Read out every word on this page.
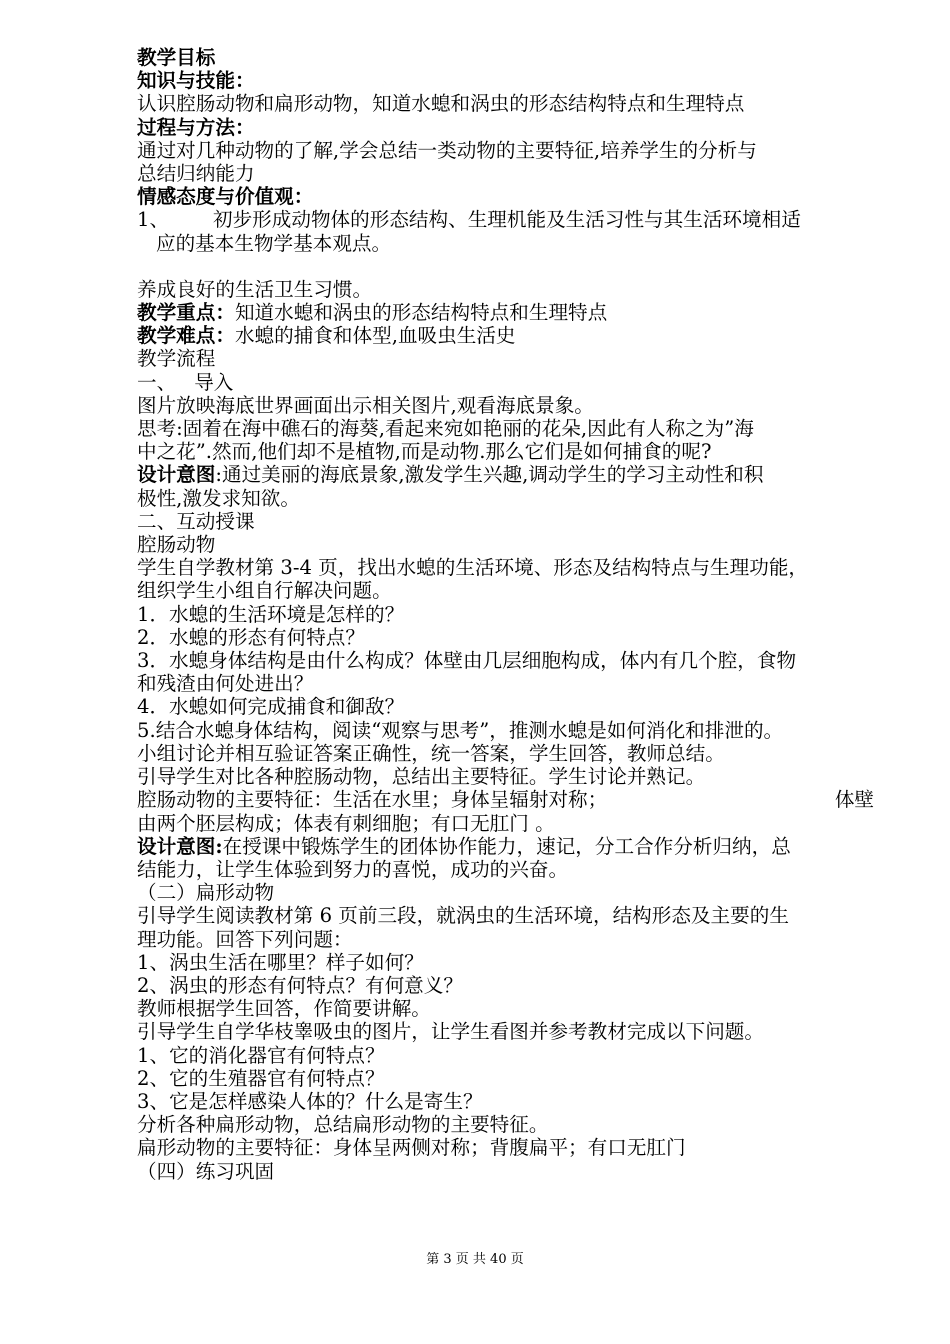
教学目标
知识与技能：
认识腔肠动物和扁形动物，知道水螅和涡虫的形态结构特点和生理特点
过程与方法：
通过对几种动物的了解,学会总结一类动物的主要特征,培养学生的分析与
总结归纳能力
情感态度与价值观：
1、	初步形成动物体的形态结构、生理机能及生活习性与其生活环境相适
应的基本生物学基本观点。
养成良好的生活卫生习惯。
教学重点：知道水螅和涡虫的形态结构特点和生理特点
教学难点：水螅的捕食和体型,血吸虫生活史
教学流程
一、 导入
图片放映海底世界画面出示相关图片,观看海底景象。
思考:固着在海中礁石的海葵,看起来宛如艳丽的花朵,因此有人称之为”海
中之花”.然而,他们却不是植物,而是动物.那么它们是如何捕食的呢?
设计意图:通过美丽的海底景象,激发学生兴趣,调动学生的学习主动性和积
极性,激发求知欲。
二、互动授课
腔肠动物
学生自学教材第 3-4 页，找出水螅的生活环境、形态及结构特点与生理功能，
组织学生小组自行解决问题。
1．水螅的生活环境是怎样的？
2．水螅的形态有何特点？
3．水螅身体结构是由什么构成？体壁由几层细胞构成，体内有几个腔，食物
和残渣由何处进出？
4．水螅如何完成捕食和御敌？
5.结合水螅身体结构，阅读“观察与思考”，推测水螅是如何消化和排泄的。
小组讨论并相互验证答案正确性，统一答案，学生回答，教师总结。
引导学生对比各种腔肠动物，总结出主要特征。学生讨论并熟记。
腔肠动物的主要特征：生活在水里；身体呈辐射对称；	体壁
由两个胚层构成；体表有刺细胞；有口无肛门 。
设计意图:在授课中锻炼学生的团体协作能力，速记，分工合作分析归纳，总
结能力，让学生体验到努力的喜悦，成功的兴奋。
（二）扁形动物
引导学生阅读教材第 6 页前三段，就涡虫的生活环境，结构形态及主要的生
理功能。回答下列问题：
1、涡虫生活在哪里？样子如何？
2、涡虫的形态有何特点？有何意义？
教师根据学生回答，作简要讲解。
引导学生自学华枝睾吸虫的图片，让学生看图并参考教材完成以下问题。
1、它的消化器官有何特点？
2、它的生殖器官有何特点？
3、它是怎样感染人体的？什么是寄生？
分析各种扁形动物，总结扁形动物的主要特征。
扁形动物的主要特征：身体呈两侧对称；背腹扁平；有口无肛门
（四）练习巩固
第 3 页 共 40 页
